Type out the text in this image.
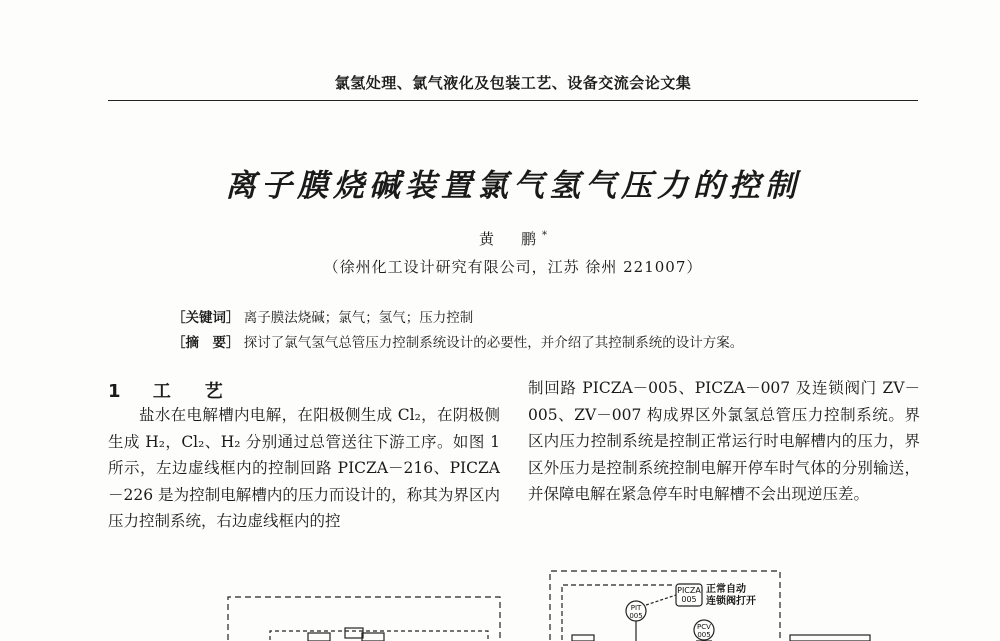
氯氢处理、氯气液化及包装工艺、设备交流会论文集
离子膜烧碱装置氯气氢气压力的控制
黄　鹏*
（徐州化工设计研究有限公司，江苏 徐州 221007）
［关键词］ 离子膜法烧碱；氯气；氢气；压力控制
［摘　要］ 探讨了氯气氢气总管压力控制系统设计的必要性，并介绍了其控制系统的设计方案。
1 工　艺

盐水在电解槽内电解，在阳极侧生成 Cl₂，在阴极侧生成 H₂，Cl₂、H₂ 分别通过总管送往下游工序。如图 1 所示，左边虚线框内的控制回路 PICZA－216、PICZA－226 是为控制电解槽内的压力而设计的，称其为界区内压力控制系统，右边虚线框内的控

制回路 PICZA－005、PICZA－007 及连锁阀门 ZV－005、ZV－007 构成界区外氯氢总管压力控制系统。界区内压力控制系统是控制正常运行时电解槽内的压力，界区外压力是控制系统控制电解开停车时气体的分别输送，并保障电解在紧急停车时电解槽不会出现逆压差。

PICZA
005
PIT
005
PCV
005
正常自动
连锁阀打开
